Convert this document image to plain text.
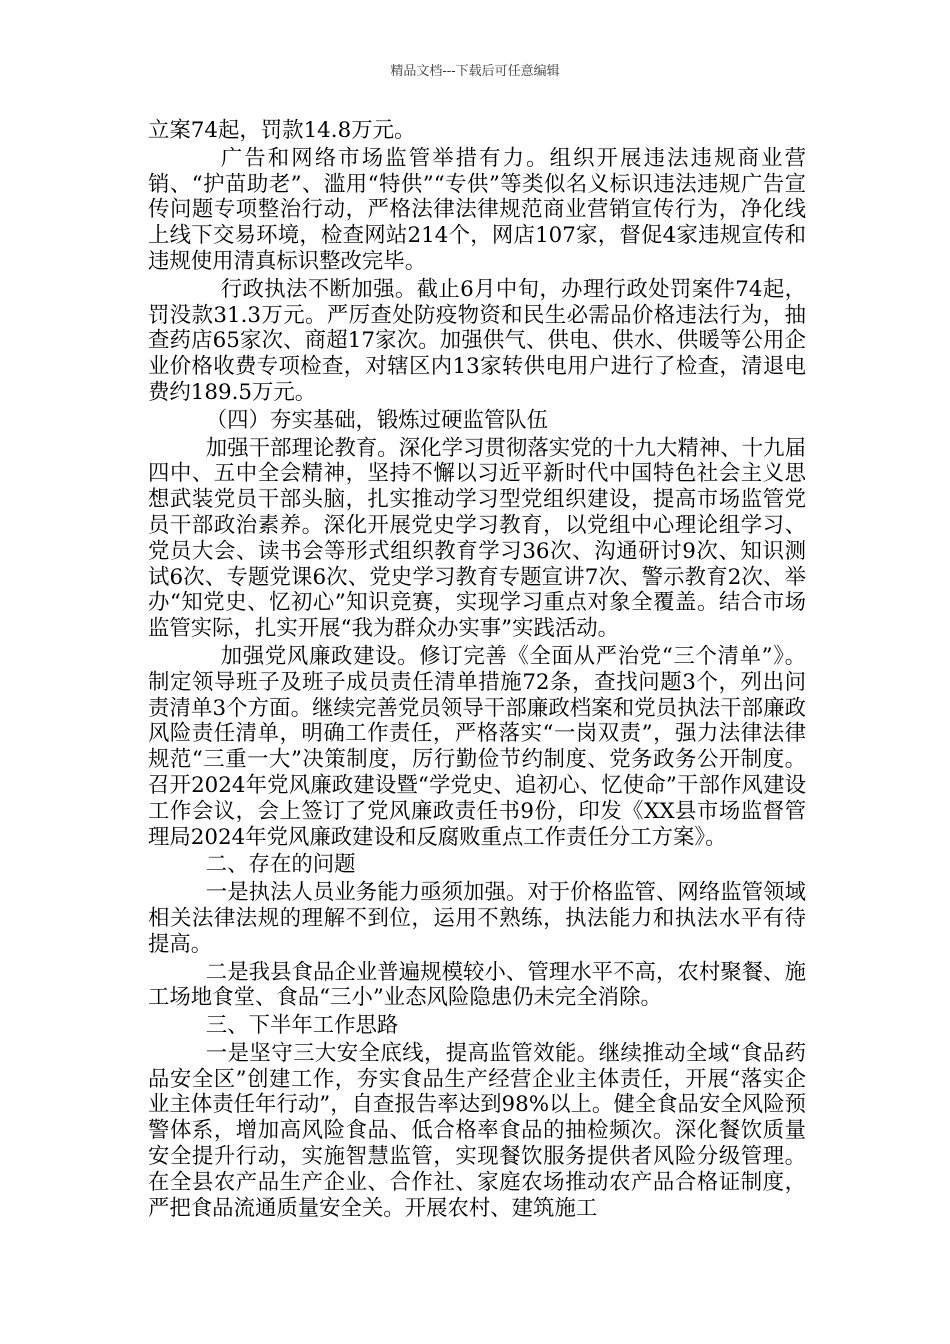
精品文档---下载后可任意编辑

立案74起，罚款14.8万元。

广告和网络市场监管举措有力。组织开展违法违规商业营销、“护苗助老”、滥用“特供”“专供”等类似名义标识违法违规广告宣传问题专项整治行动，严格法律法律规范商业营销宣传行为，净化线上线下交易环境，检查网站214个，网店107家，督促4家违规宣传和违规使用清真标识整改完毕。

行政执法不断加强。截止6月中旬，办理行政处罚案件74起，罚没款31.3万元。严厉查处防疫物资和民生必需品价格违法行为，抽查药店65家次、商超17家次。加强供气、供电、供水、供暖等公用企业价格收费专项检查，对辖区内13家转供电用户进行了检查，清退电费约189.5万元。

（四）夯实基础，锻炼过硬监管队伍

加强干部理论教育。深化学习贯彻落实党的十九大精神、十九届四中、五中全会精神，坚持不懈以习近平新时代中国特色社会主义思想武装党员干部头脑，扎实推动学习型党组织建设，提高市场监管党员干部政治素养。深化开展党史学习教育，以党组中心理论组学习、党员大会、读书会等形式组织教育学习36次、沟通研讨9次、知识测试6次、专题党课6次、党史学习教育专题宣讲7次、警示教育2次、举办“知党史、忆初心”知识竞赛，实现学习重点对象全覆盖。结合市场监管实际，扎实开展“我为群众办实事”实践活动。

加强党风廉政建设。修订完善《全面从严治党“三个清单”》。制定领导班子及班子成员责任清单措施72条，查找问题3个，列出问责清单3个方面。继续完善党员领导干部廉政档案和党员执法干部廉政风险责任清单，明确工作责任，严格落实“一岗双责”，强力法律法律规范“三重一大”决策制度，厉行勤俭节约制度、党务政务公开制度。召开2024年党风廉政建设暨“学党史、追初心、忆使命”干部作风建设工作会议，会上签订了党风廉政责任书9份，印发《XX县市场监督管理局2024年党风廉政建设和反腐败重点工作责任分工方案》。

二、存在的问题

一是执法人员业务能力亟须加强。对于价格监管、网络监管领域相关法律法规的理解不到位，运用不熟练，执法能力和执法水平有待提高。

二是我县食品企业普遍规模较小、管理水平不高，农村聚餐、施工场地食堂、食品“三小”业态风险隐患仍未完全消除。

三、下半年工作思路

一是坚守三大安全底线，提高监管效能。继续推动全域“食品药品安全区”创建工作，夯实食品生产经营企业主体责任，开展“落实企业主体责任年行动”，自查报告率达到98%以上。健全食品安全风险预警体系，增加高风险食品、低合格率食品的抽检频次。深化餐饮质量安全提升行动，实施智慧监管，实现餐饮服务提供者风险分级管理。在全县农产品生产企业、合作社、家庭农场推动农产品合格证制度，严把食品流通质量安全关。开展农村、建筑施工
